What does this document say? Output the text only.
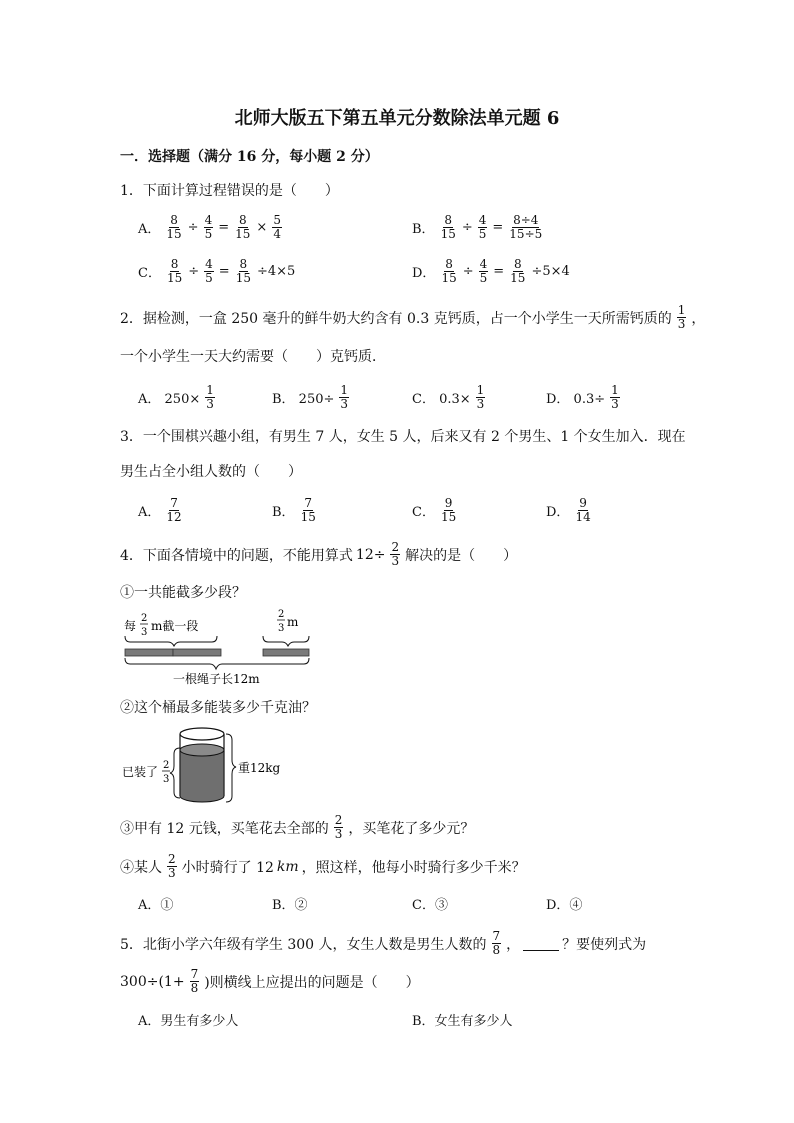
北师大版五下第五单元分数除法单元题 6
一．选择题（满分 16 分，每小题 2 分）
1．下面计算过程错误的是（　　）
A． $\frac{8}{15} \div \frac{4}{5} = \frac{8}{15} \times \frac{5}{4}$	B． $\frac{8}{15} \div \frac{4}{5} = \frac{8\div 4}{15\div 5}$
C． $\frac{8}{15} \div \frac{4}{5} = \frac{8}{15} \div 4\times 5$	D． $\frac{8}{15} \div \frac{4}{5} = \frac{8}{15} \div 5\times 4$
2．据检测，一盒 250 毫升的鲜牛奶大约含有 0.3 克钙质，占一个小学生一天所需钙质的 $\frac{1}{3}$ ，
一个小学生一天大约需要（　　）克钙质．
A． $250\times \frac{1}{3}$	B． $250\div \frac{1}{3}$	C． $0.3\times \frac{1}{3}$	D． $0.3\div \frac{1}{3}$
3．一个围棋兴趣小组，有男生 7 人，女生 5 人，后来又有 2 个男生、1 个女生加入．现在
男生占全小组人数的（　　）
A． $\frac{7}{12}$	B． $\frac{7}{15}$	C． $\frac{9}{15}$	D． $\frac{9}{14}$
4．下面各情境中的问题，不能用算式 $12\div \frac{2}{3}$ 解决的是（　　）
①一共能截多少段？
每
2
3 m截一段
2
3 m
一根绳子长12m
②这个桶最多能装多少千克油？
已装了 2
3
重12kg
③甲有 12 元钱，买笔花去全部的 $\frac{2}{3}$ ，买笔花了多少元？
④某人 $\frac{2}{3}$ 小时骑行了 12 km ，照这样，他每小时骑行多少千米？
A．①	B．②	C．③	D．④
5．北街小学六年级有学生 300 人，女生人数是男生人数的 $\frac{7}{8}$ ，	？要使列式为
$300\div(1+ \frac{7}{8}$ )则横线上应提出的问题是（　　）
A．男生有多少人	B．女生有多少人
